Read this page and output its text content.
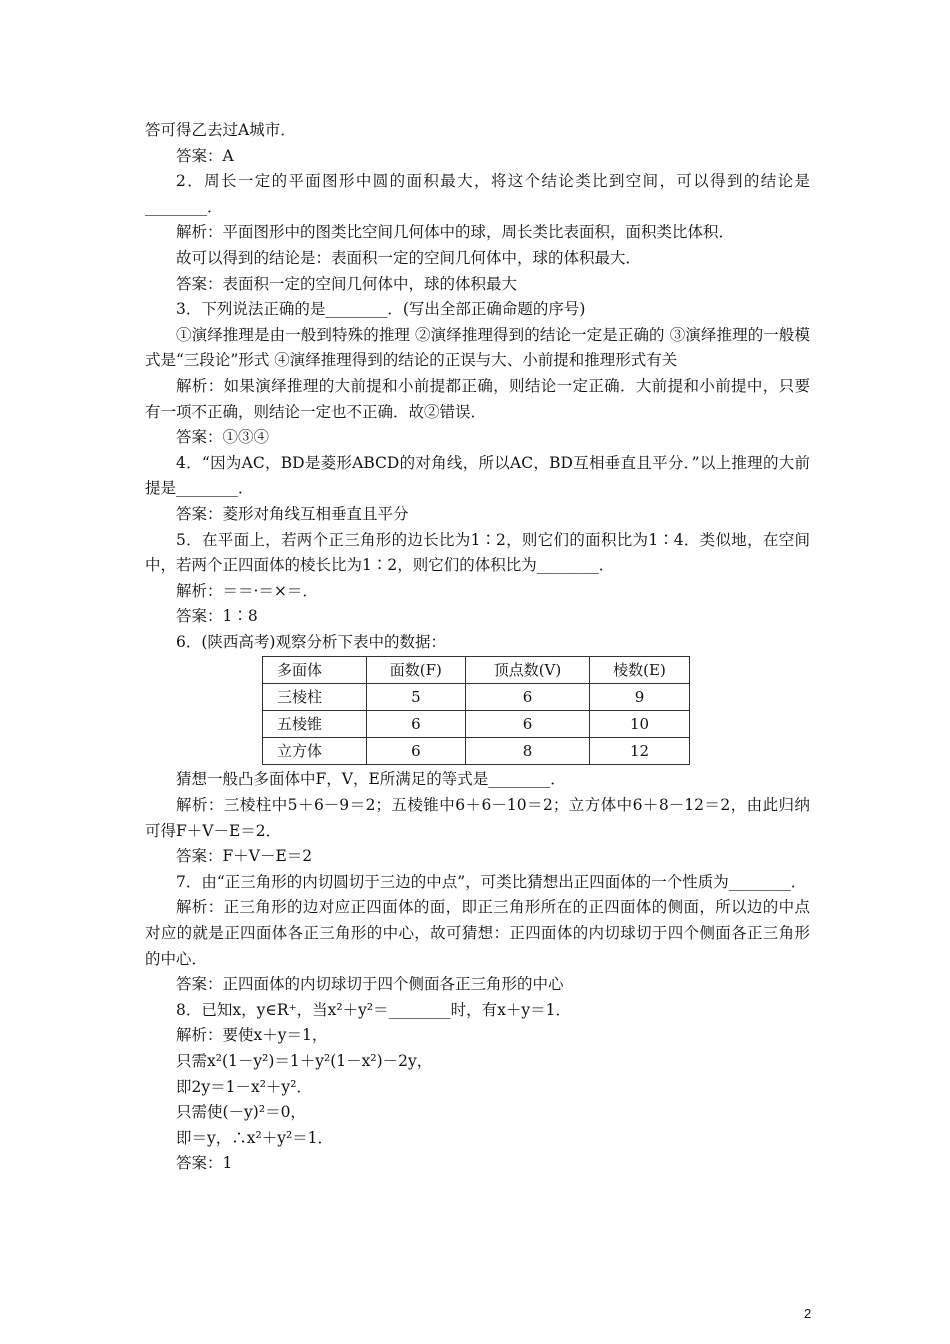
答可得乙去过A城市．

答案：A

2．周长一定的平面图形中圆的面积最大，将这个结论类比到空间，可以得到的结论是________．

解析：平面图形中的图类比空间几何体中的球，周长类比表面积，面积类比体积．

故可以得到的结论是：表面积一定的空间几何体中，球的体积最大．

答案：表面积一定的空间几何体中，球的体积最大

3．下列说法正确的是________．(写出全部正确命题的序号)

①演绎推理是由一般到特殊的推理 ②演绎推理得到的结论一定是正确的 ③演绎推理的一般模式是“三段论”形式 ④演绎推理得到的结论的正误与大、小前提和推理形式有关

解析：如果演绎推理的大前提和小前提都正确，则结论一定正确．大前提和小前提中，只要有一项不正确，则结论一定也不正确．故②错误．

答案：①③④

4．“因为AC，BD是菱形ABCD的对角线，所以AC，BD互相垂直且平分．”以上推理的大前提是________．

答案：菱形对角线互相垂直且平分

5．在平面上，若两个正三角形的边长比为1∶2，则它们的面积比为1∶4．类似地，在空间中，若两个正四面体的棱长比为1∶2，则它们的体积比为________．

解析：＝＝·＝×＝．

答案：1∶8

6．(陕西高考)观察分析下表中的数据：

多面体	面数(F)	顶点数(V)	棱数(E)
三棱柱	5	6	9
五棱锥	6	6	10
立方体	6	8	12

猜想一般凸多面体中F，V，E所满足的等式是________．

解析：三棱柱中5＋6－9＝2；五棱锥中6＋6－10＝2；立方体中6＋8－12＝2，由此归纳可得F＋V－E＝2．

答案：F＋V－E＝2

7．由“正三角形的内切圆切于三边的中点”，可类比猜想出正四面体的一个性质为________．

解析：正三角形的边对应正四面体的面，即正三角形所在的正四面体的侧面，所以边的中点对应的就是正四面体各正三角形的中心，故可猜想：正四面体的内切球切于四个侧面各正三角形的中心．

答案：正四面体的内切球切于四个侧面各正三角形的中心

8．已知x，y∈R⁺，当x²＋y²＝________时，有x＋y＝1．

解析：要使x＋y＝1，

只需x²(1－y²)＝1＋y²(1－x²)－2y，

即2y＝1－x²＋y²．

只需使(－y)²＝0，

即＝y，∴x²＋y²＝1．

答案：1

2
